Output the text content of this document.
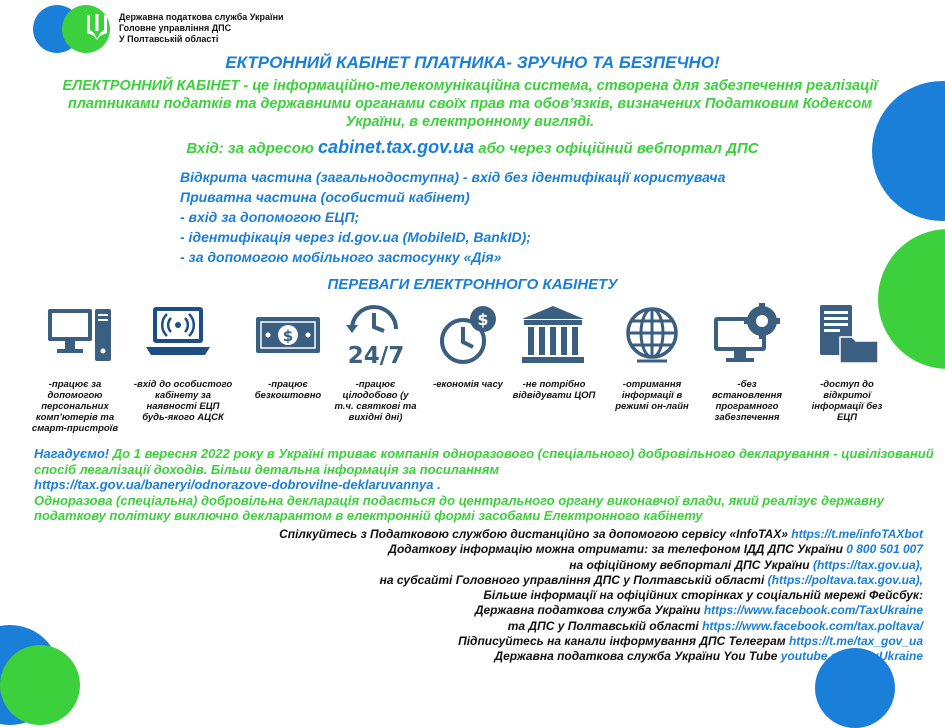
Державна податкова служба України
Головне управління ДПС
У Полтавській області
ЕКТРОННИЙ КАБІНЕТ ПЛАТНИКА- ЗРУЧНО ТА БЕЗПЕЧНО!
ЕЛЕКТРОННИЙ КАБІНЕТ - це інформаційно-телекомунікаційна система, створена для забезпечення реалізації платниками податків та державними органами своїх прав та обов’язків, визначених Податковим Кодексом України, в електронному вигляді.
Вхід: за адресою cabinet.tax.gov.ua або через офіційний вебпортал ДПС
Відкрита частина (загальнодоступна) - вхід без ідентифікації користувача
Приватна частина (особистий кабінет)
- вхід за допомогою ЕЦП;
- ідентифікація через id.gov.ua (MobileID, BankID);
- за допомогою мобільного застосунку «Дія»
ПЕРЕВАГИ ЕЛЕКТРОННОГО КАБІНЕТУ
-працює за допомогою персональних комп’ютерів та смарт-пристроїв
-вхід до особистого кабінету за наявності ЕЦП будь-якого АЦСК
$
-працює безкоштовно
24/7
-працює цілодобово (у т.ч. святкові та вихідні дні)
$
-економія часу	-не потрібно відвідувати ЦОП
-отримання інформації в режимі он-лайн
-без встановлення програмного забезпечення
-доступ до відкритої інформації без ЕЦП
Нагадуємо! До 1 вересня 2022 року в Україні триває компанія одноразового (спеціального) добровільного декларування - цивілізований спосіб легалізації доходів. Більш детальна інформація за посиланням
https://tax.gov.ua/baneryi/odnorazove-dobrovilne-deklaruvannya .
Одноразова (спеціальна) добровільна декларація подається до центрального органу виконавчої влади, який реалізує державну податкову політику виключно декларантом в електронній формі засобами Електронного кабінету
Спілкуйтесь з Податковою службою дистанційно за допомогою сервісу «InfoTAX» https://t.me/infoTAXbot
Додатковy інформацію можна отримати: за телефоном ІДД ДПС України 0 800 501 007
на офіційному вебпорталі ДПС України (https://tax.gov.ua),
на субсайті Головного управління ДПС у Полтавській області (https://poltava.tax.gov.ua),
Більше інформації на офіційних сторінках у соціальній мережі Фейсбук:
Державна податкова служба України https://www.facebook.com/TaxUkraine
та ДПС у Полтавській області https://www.facebook.com/tax.poltava/
Підписуйтесь на канали інформування ДПС Телеграм https://t.me/tax_gov_ua
Державна податкова служба України You Tube youtube.com/TaxUkraine
